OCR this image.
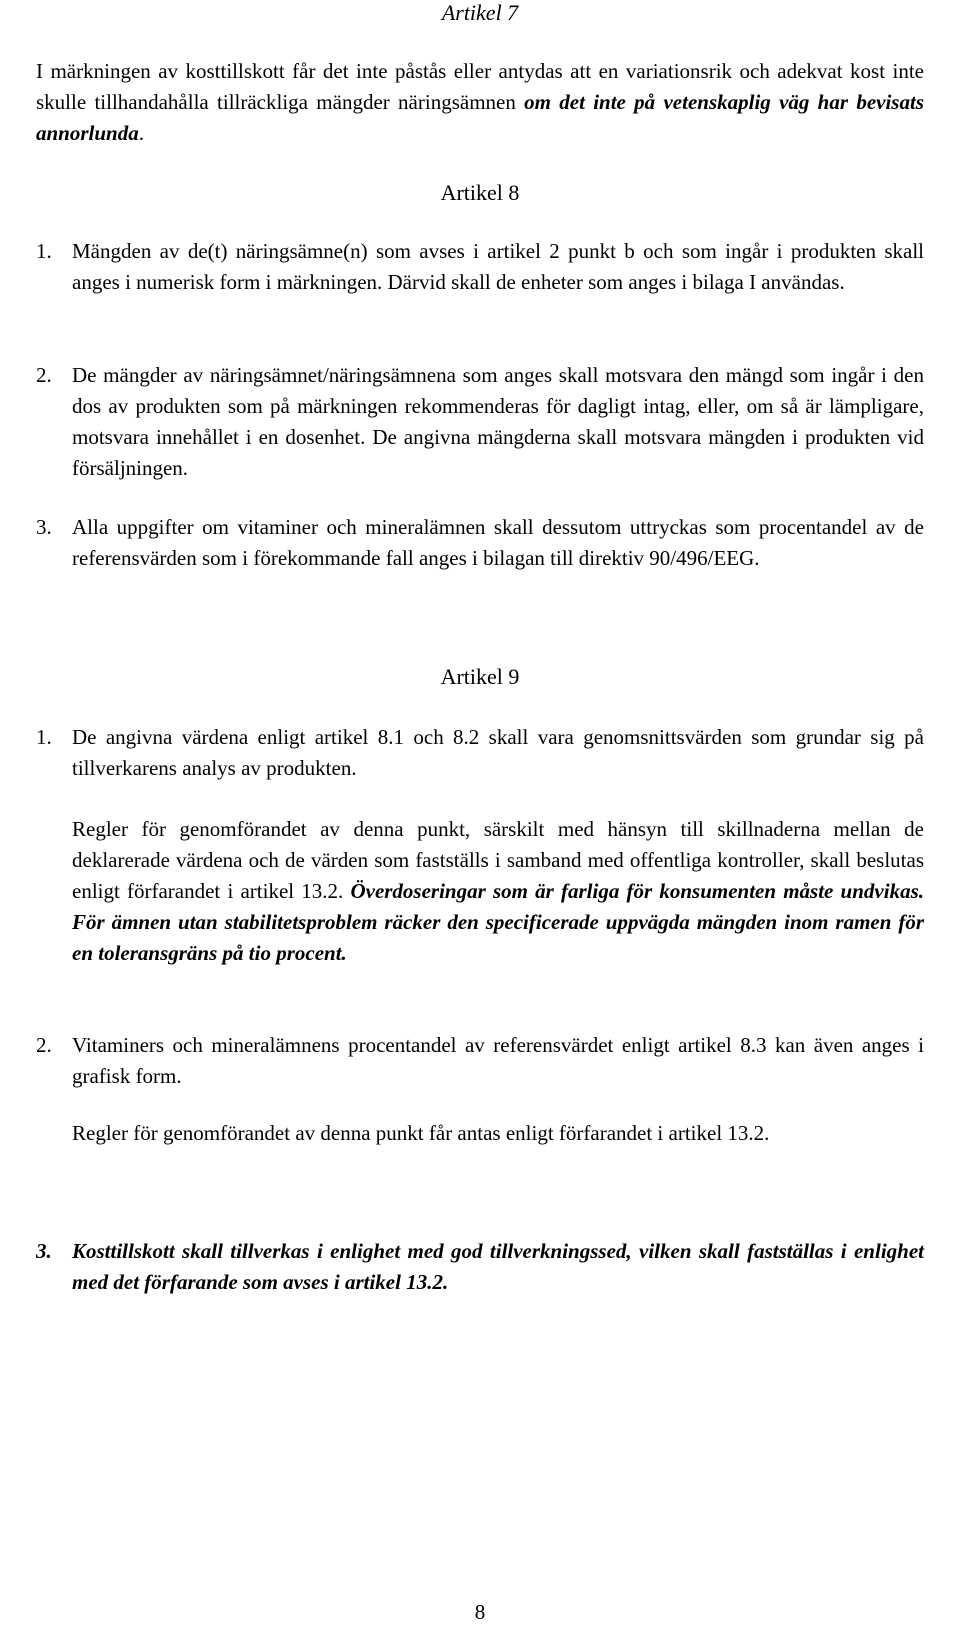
Artikel 7
I märkningen av kosttillskott får det inte påstås eller antydas att en variationsrik och adekvat kost inte skulle tillhandahålla tillräckliga mängder näringsämnen om det inte på vetenskaplig väg har bevisats annorlunda.
Artikel 8
1. Mängden av de(t) näringsämne(n) som avses i artikel 2 punkt b och som ingår i produkten skall anges i numerisk form i märkningen. Därvid skall de enheter som anges i bilaga I användas.
2. De mängder av näringsämnet/näringsämnena som anges skall motsvara den mängd som ingår i den dos av produkten som på märkningen rekommenderas för dagligt intag, eller, om så är lämpligare, motsvara innehållet i en dosenhet. De angivna mängderna skall motsvara mängden i produkten vid försäljningen.
3. Alla uppgifter om vitaminer och mineralämnen skall dessutom uttryckas som procentandel av de referensvärden som i förekommande fall anges i bilagan till direktiv 90/496/EEG.
Artikel 9
1. De angivna värdena enligt artikel 8.1 och 8.2 skall vara genomsnittsvärden som grundar sig på tillverkarens analys av produkten.
Regler för genomförandet av denna punkt, särskilt med hänsyn till skillnaderna mellan de deklarerade värdena och de värden som fastställs i samband med offentliga kontroller, skall beslutas enligt förfarandet i artikel 13.2. Överdoseringar som är farliga för konsumenten måste undvikas. För ämnen utan stabilitetsproblem räcker den specificerade uppvägda mängden inom ramen för en toleransgräns på tio procent.
2. Vitaminers och mineralämnens procentandel av referensvärdet enligt artikel 8.3 kan även anges i grafisk form.
Regler för genomförandet av denna punkt får antas enligt förfarandet i artikel 13.2.
3. Kosttillskott skall tillverkas i enlighet med god tillverkningssed, vilken skall fastställas i enlighet med det förfarande som avses i artikel 13.2.
8
